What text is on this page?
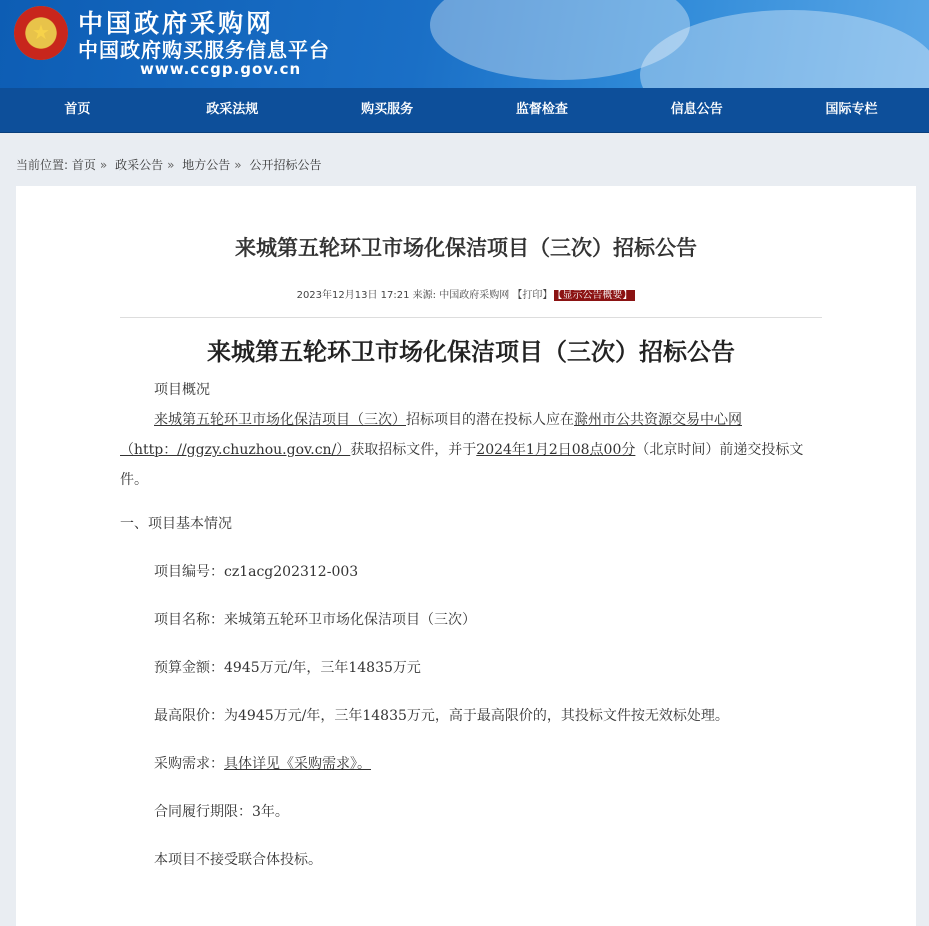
★	中国政府采购网
中国政府购买服务信息平台
www.ccgp.gov.cn
首页	政采法规	购买服务	监督检查	信息公告	国际专栏
当前位置: 首页 » 政采公告 » 地方公告 » 公开招标公告
来城第五轮环卫市场化保洁项目（三次）招标公告
2023年12月13日 17:21 来源: 中国政府采购网 【打印】 【显示公告概要】
来城第五轮环卫市场化保洁项目（三次）招标公告

项目概况

来城第五轮环卫市场化保洁项目（三次）招标项目的潜在投标人应在滁州市公共资源交易中心网（http：//ggzy.chuzhou.gov.cn/）获取招标文件，并于2024年1月2日08点00分（北京时间）前递交投标文件。

一、项目基本情况

项目编号：cz1acg202312-003

项目名称：来城第五轮环卫市场化保洁项目（三次）

预算金额：4945万元/年，三年14835万元

最高限价：为4945万元/年，三年14835万元，高于最高限价的，其投标文件按无效标处理。

采购需求：具体详见《采购需求》。

合同履行期限：3年。

本项目不接受联合体投标。
